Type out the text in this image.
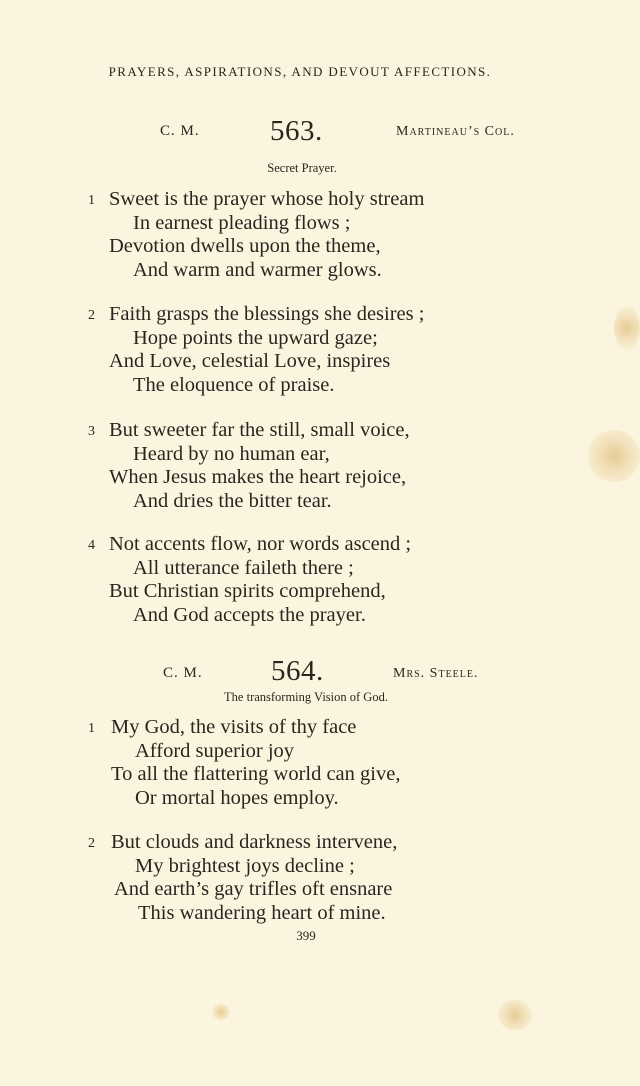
PRAYERS, ASPIRATIONS, AND DEVOUT AFFECTIONS.
C. M. 563.	Martineau’s Col.
Secret Prayer.
1 Sweet is the prayer whose holy stream
In earnest pleading flows ;
Devotion dwells upon the theme,
And warm and warmer glows.
2 Faith grasps the blessings she desires ;
Hope points the upward gaze;
And Love, celestial Love, inspires
The eloquence of praise.
3 But sweeter far the still, small voice,
Heard by no human ear,
When Jesus makes the heart rejoice,
And dries the bitter tear.
4 Not accents flow, nor words ascend ;
All utterance faileth there ;
But Christian spirits comprehend,
And God accepts the prayer.
C. M. 564.	Mrs. Steele.
The transforming Vision of God.
1 My God, the visits of thy face
Afford superior joy
To all the flattering world can give,
Or mortal hopes employ.
2 But clouds and darkness intervene,
My brightest joys decline ;
And earth’s gay trifles oft ensnare
This wandering heart of mine.
399
